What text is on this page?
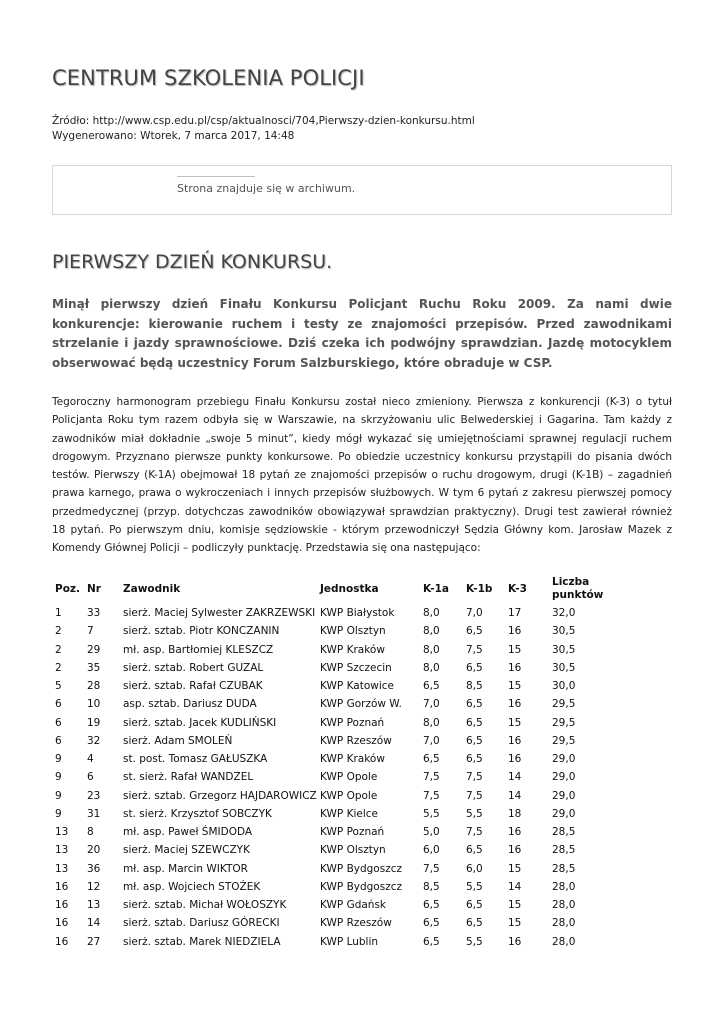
CENTRUM SZKOLENIA POLICJI
Źródło: http://www.csp.edu.pl/csp/aktualnosci/704,Pierwszy-dzien-konkursu.html
Wygenerowano: Wtorek, 7 marca 2017, 14:48
Strona znajduje się w archiwum.
PIERWSZY DZIEŃ KONKURSU.

Minął pierwszy dzień Finału Konkursu Policjant Ruchu Roku 2009. Za nami dwie konkurencje: kierowanie ruchem i testy ze znajomości przepisów. Przed zawodnikami strzelanie i jazdy sprawnościowe. Dziś czeka ich podwójny sprawdzian. Jazdę motocyklem obserwować będą uczestnicy Forum Salzburskiego, które obraduje w CSP.

Tegoroczny harmonogram przebiegu Finału Konkursu został nieco zmieniony. Pierwsza z konkurencji (K-3) o tytuł Policjanta Roku tym razem odbyła się w Warszawie, na skrzyżowaniu ulic Belwederskiej i Gagarina. Tam każdy z zawodników miał dokładnie „swoje 5 minut”, kiedy mógł wykazać się umiejętnościami sprawnej regulacji ruchem drogowym. Przyznano pierwsze punkty konkursowe. Po obiedzie uczestnicy konkursu przystąpili do pisania dwóch testów. Pierwszy (K-1A) obejmował 18 pytań ze znajomości przepisów o ruchu drogowym, drugi (K-1B) – zagadnień prawa karnego, prawa o wykroczeniach i innych przepisów służbowych. W tym 6 pytań z zakresu pierwszej pomocy przedmedycznej (przyp. dotychczas zawodników obowiązywał sprawdzian praktyczny). Drugi test zawierał również 18 pytań. Po pierwszym dniu, komisje sędziowskie - którym przewodniczył Sędzia Główny kom. Jarosław Mazek z Komendy Głównej Policji – podliczyły punktację. Przedstawia się ona następująco:

Poz.	Nr	Zawodnik	Jednostka	K-1a	K-1b	K-3	Liczba
punktów
1	33	sierż. Maciej Sylwester ZAKRZEWSKI	KWP Białystok	8,0	7,0	17	32,0
2	7	sierż. sztab. Piotr KONCZANIN	KWP Olsztyn	8,0	6,5	16	30,5
2	29	mł. asp. Bartłomiej KLESZCZ	KWP Kraków	8,0	7,5	15	30,5
2	35	sierż. sztab. Robert GUZAL	KWP Szczecin	8,0	6,5	16	30,5
5	28	sierż. sztab. Rafał CZUBAK	KWP Katowice	6,5	8,5	15	30,0
6	10	asp. sztab. Dariusz DUDA	KWP Gorzów W.	7,0	6,5	16	29,5
6	19	sierż. sztab. Jacek KUDLIŃSKI	KWP Poznań	8,0	6,5	15	29,5
6	32	sierż. Adam SMOLEŃ	KWP Rzeszów	7,0	6,5	16	29,5
9	4	st. post. Tomasz GAŁUSZKA	KWP Kraków	6,5	6,5	16	29,0
9	6	st. sierż. Rafał WANDZEL	KWP Opole	7,5	7,5	14	29,0
9	23	sierż. sztab. Grzegorz HAJDAROWICZ	KWP Opole	7,5	7,5	14	29,0
9	31	st. sierż. Krzysztof SOBCZYK	KWP Kielce	5,5	5,5	18	29,0
13	8	mł. asp. Paweł ŚMIDODA	KWP Poznań	5,0	7,5	16	28,5
13	20	sierż. Maciej SZEWCZYK	KWP Olsztyn	6,0	6,5	16	28,5
13	36	mł. asp. Marcin WIKTOR	KWP Bydgoszcz	7,5	6,0	15	28,5
16	12	mł. asp. Wojciech STOŻEK	KWP Bydgoszcz	8,5	5,5	14	28,0
16	13	sierż. sztab. Michał WOŁOSZYK	KWP Gdańsk	6,5	6,5	15	28,0
16	14	sierż. sztab. Dariusz GÓRECKI	KWP Rzeszów	6,5	6,5	15	28,0
16	27	sierż. sztab. Marek NIEDZIELA	KWP Lublin	6,5	5,5	16	28,0
